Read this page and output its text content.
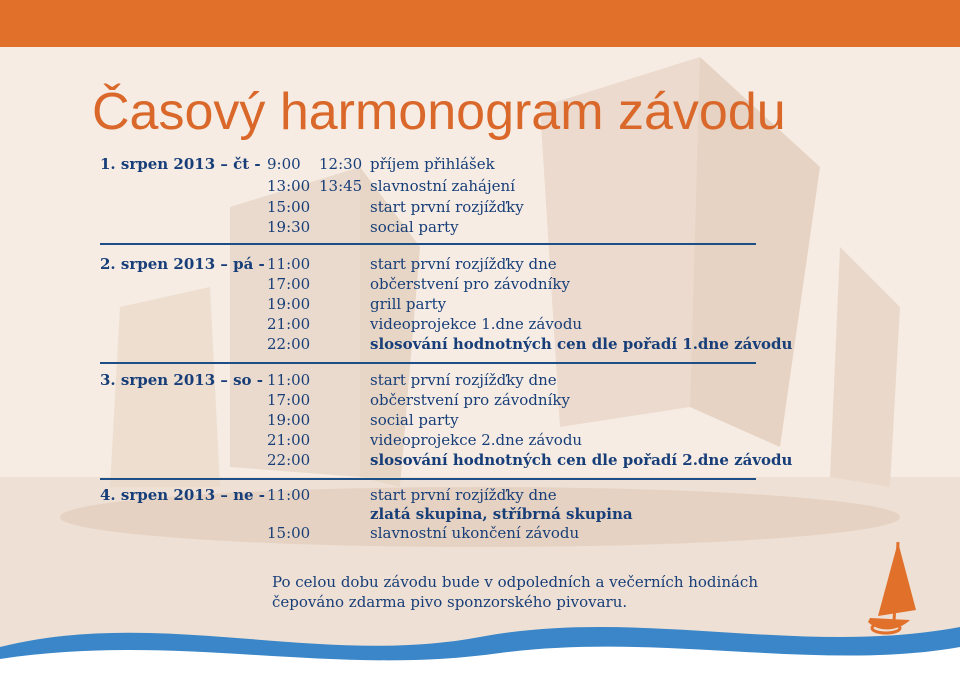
Časový harmonogram závodu
1. srpen 2013 – čt - 9:00 12:30 příjem přihlášek
13:00 13:45 slavnostní zahájení
15:00	start první rozjížďky
19:30	social party
2. srpen 2013 – pá - 11:00	start první rozjížďky dne
17:00	občerstvení pro závodníky
19:00	grill party
21:00	videoprojekce 1.dne závodu
22:00	slosování hodnotných cen dle pořadí 1.dne závodu
3. srpen 2013 – so - 11:00	start první rozjížďky dne
17:00	občerstvení pro závodníky
19:00	social party
21:00	videoprojekce 2.dne závodu
22:00	slosování hodnotných cen dle pořadí 2.dne závodu
4. srpen 2013 – ne - 11:00	start první rozjížďky dne
zlatá skupina, stříbrná skupina
15:00	slavnostní ukončení závodu
Po celou dobu závodu bude v odpoledních a večerních hodinách
čepováno zdarma pivo sponzorského pivovaru.
